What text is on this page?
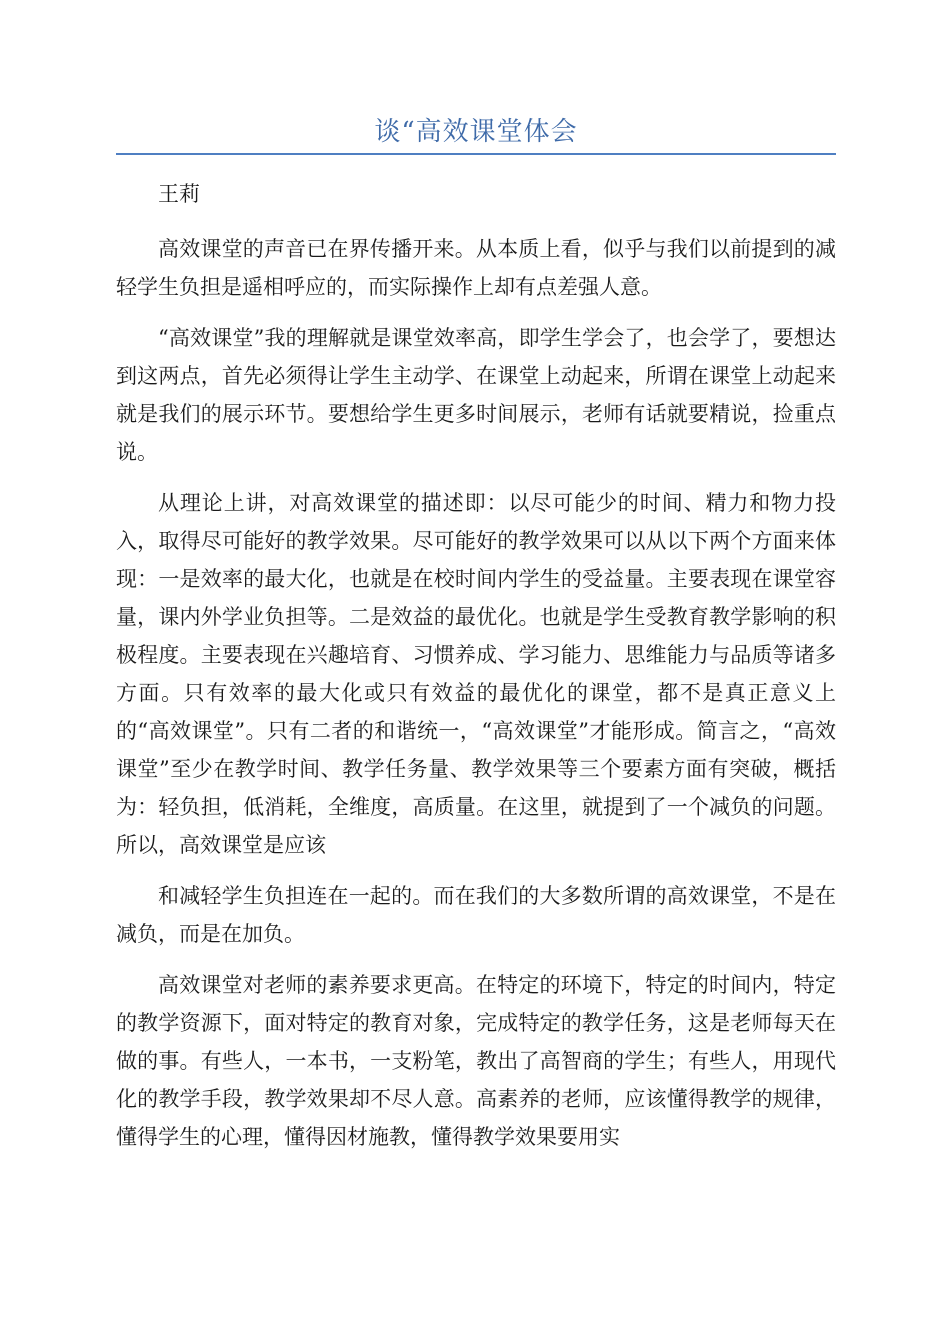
谈“高效课堂体会

王莉

高效课堂的声音已在界传播开来。从本质上看，似乎与我们以前提到的减轻学生负担是遥相呼应的，而实际操作上却有点差强人意。

“高效课堂”我的理解就是课堂效率高，即学生学会了，也会学了，要想达到这两点，首先必须得让学生主动学、在课堂上动起来，所谓在课堂上动起来就是我们的展示环节。要想给学生更多时间展示，老师有话就要精说，捡重点说。

从理论上讲，对高效课堂的描述即：以尽可能少的时间、精力和物力投入，取得尽可能好的教学效果。尽可能好的教学效果可以从以下两个方面来体现：一是效率的最大化，也就是在校时间内学生的受益量。主要表现在课堂容量，课内外学业负担等。二是效益的最优化。也就是学生受教育教学影响的积极程度。主要表现在兴趣培育、习惯养成、学习能力、思维能力与品质等诸多方面。只有效率的最大化或只有效益的最优化的课堂，都不是真正意义上的“高效课堂”。只有二者的和谐统一，“高效课堂”才能形成。简言之，“高效课堂”至少在教学时间、教学任务量、教学效果等三个要素方面有突破，概括为：轻负担，低消耗，全维度，高质量。在这里，就提到了一个减负的问题。所以，高效课堂是应该

和减轻学生负担连在一起的。而在我们的大多数所谓的高效课堂，不是在减负，而是在加负。

高效课堂对老师的素养要求更高。在特定的环境下，特定的时间内，特定的教学资源下，面对特定的教育对象，完成特定的教学任务，这是老师每天在做的事。有些人，一本书，一支粉笔，教出了高智商的学生；有些人，用现代化的教学手段，教学效果却不尽人意。高素养的老师，应该懂得教学的规律，懂得学生的心理，懂得因材施教，懂得教学效果要用实
